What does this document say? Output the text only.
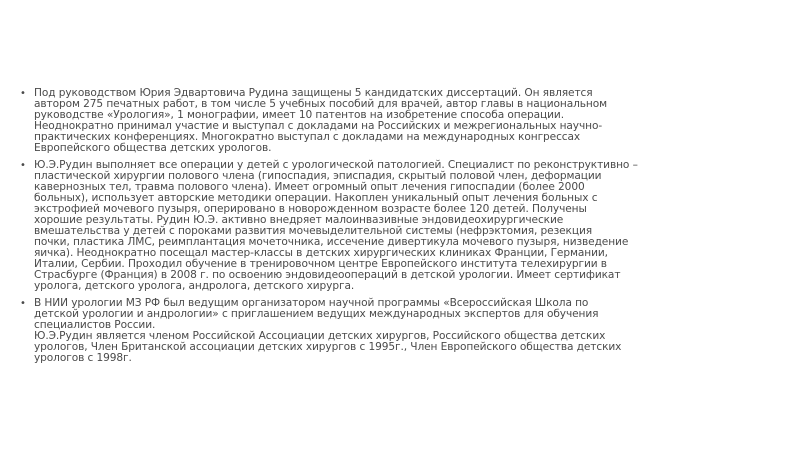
• Под руководством Юрия Эдвартовича Рудина защищены 5 кандидатских диссертаций. Он является
автором 275 печатных работ, в том числе 5 учебных пособий для врачей, автор главы в национальном
руководстве «Урология», 1 монографии, имеет 10 патентов на изобретение способа операции.
Неоднократно принимал участие и выступал с докладами на Российских и межрегиональных научно-
практических конференциях. Многократно выступал с докладами на международных конгрессах
Европейского общества детских урологов.
• Ю.Э.Рудин выполняет все операции у детей с урологической патологией. Специалист по реконструктивно –
пластической хирургии полового члена (гипоспадия, эписпадия, скрытый половой член, деформации
кавернозных тел, травма полового члена). Имеет огромный опыт лечения гипоспадии (более 2000
больных), использует авторские методики операции. Накоплен уникальный опыт лечения больных с
экстрофией мочевого пузыря, оперировано в новорожденном возрасте более 120 детей. Получены
хорошие результаты. Рудин Ю.Э. активно внедряет малоинвазивные эндовидеохирургические
вмешательства у детей с пороками развития мочевыделительной системы (нефрэктомия, резекция
почки, пластика ЛМС, реимплантация мочеточника, иссечение дивертикула мочевого пузыря, низведение
яичка). Неоднократно посещал мастер-классы в детских хирургических клиниках Франции, Германии,
Италии, Сербии. Проходил обучение в тренировочном центре Европейского института телехирургии в
Страсбурге (Франция) в 2008 г. по освоению эндовидеоопераций в детской урологии. Имеет сертификат
уролога, детского уролога, андролога, детского хирурга.
• В НИИ урологии МЗ РФ был ведущим организатором научной программы «Всероссийская Школа по
детской урологии и андрологии» с приглашением ведущих международных экспертов для обучения
специалистов России.
Ю.Э.Рудин является членом Российской Ассоциации детских хирургов, Российского общества детских
урологов, Член Британской ассоциации детских хирургов с 1995г., Член Европейского общества детских
урологов с 1998г.
